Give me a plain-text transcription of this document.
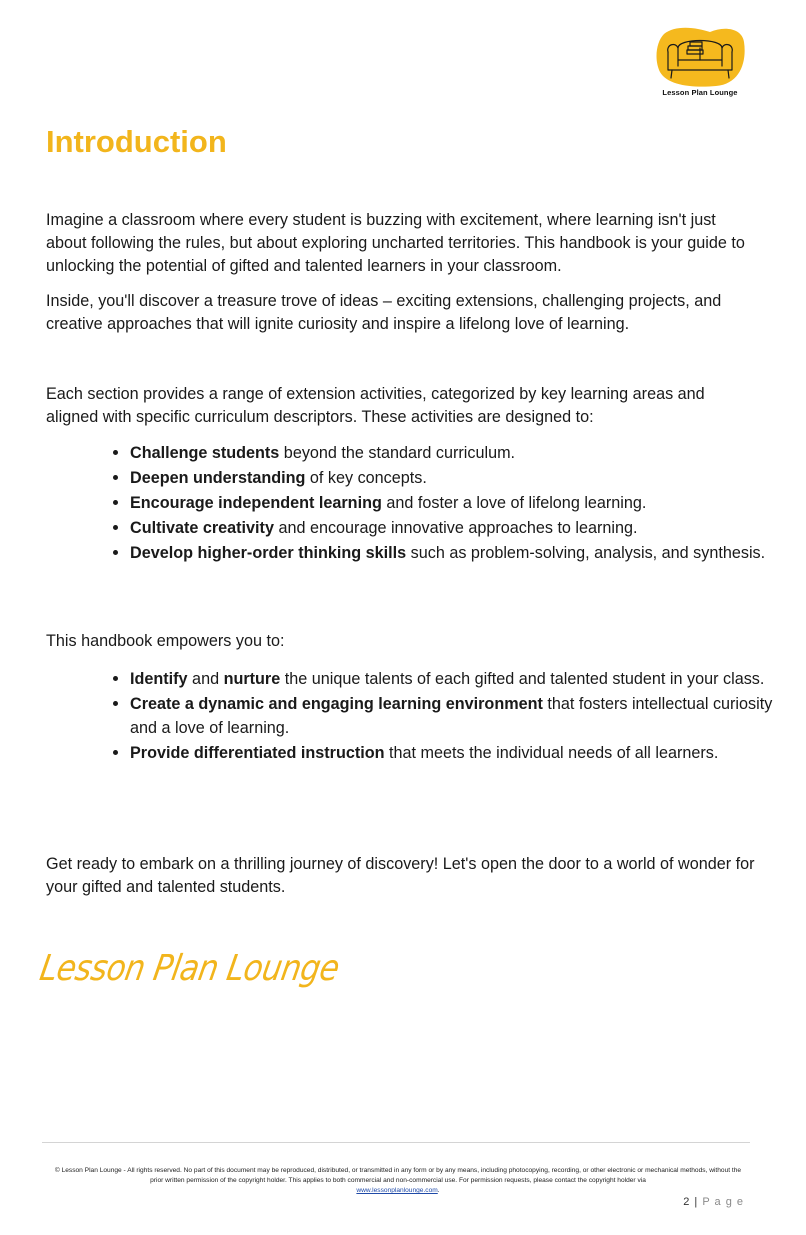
Lesson Plan Lounge
Introduction

Imagine a classroom where every student is buzzing with excitement, where learning isn't just about following the rules, but about exploring uncharted territories. This handbook is your guide to unlocking the potential of gifted and talented learners in your classroom.

Inside, you'll discover a treasure trove of ideas – exciting extensions, challenging projects, and creative approaches that will ignite curiosity and inspire a lifelong love of learning.

Each section provides a range of extension activities, categorized by key learning areas and aligned with specific curriculum descriptors. These activities are designed to:

• Challenge students beyond the standard curriculum.
• Deepen understanding of key concepts.
• Encourage independent learning and foster a love of lifelong learning.
• Cultivate creativity and encourage innovative approaches to learning.
• Develop higher-order thinking skills such as problem-solving, analysis, and synthesis.

This handbook empowers you to:

• Identify and nurture the unique talents of each gifted and talented student in your class.
• Create a dynamic and engaging learning environment that fosters intellectual curiosity and a love of learning.
• Provide differentiated instruction that meets the individual needs of all learners.

Get ready to embark on a thrilling journey of discovery! Let's open the door to a world of wonder for your gifted and talented students.

Lesson Plan Lounge
© Lesson Plan Lounge - All rights reserved. No part of this document may be reproduced, distributed, or transmitted in any form or by any means, including photocopying, recording, or other electronic or mechanical methods, without the prior written permission of the copyright holder. This applies to both commercial and non-commercial use. For permission requests, please contact the copyright holder via
www.lessonplanlounge.com.
2 | P a g e
